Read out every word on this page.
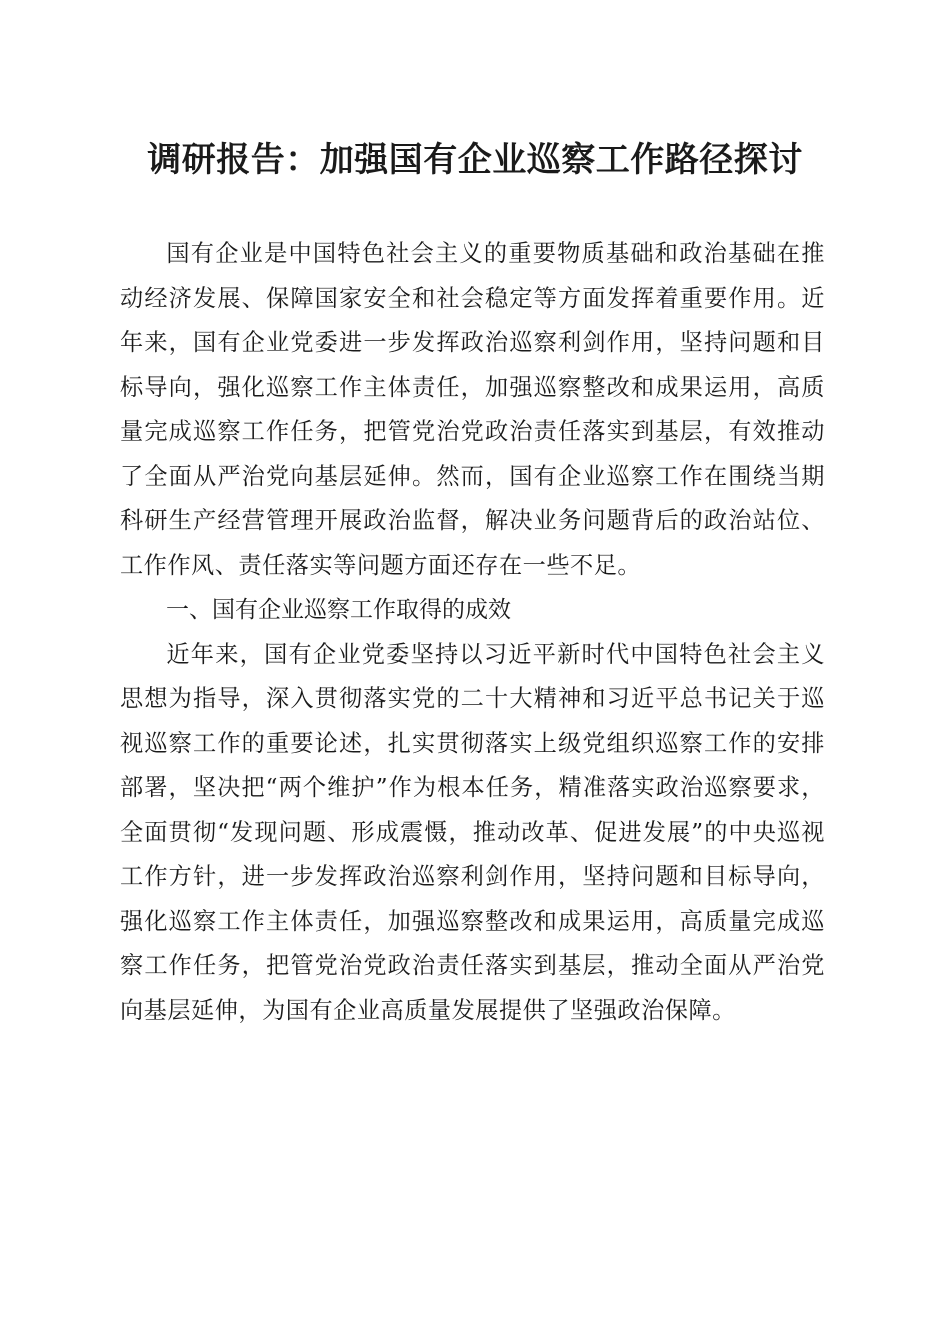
调研报告：加强国有企业巡察工作路径探讨

国有企业是中国特色社会主义的重要物质基础和政治基础在推动经济发展、保障国家安全和社会稳定等方面发挥着重要作用。近年来，国有企业党委进一步发挥政治巡察利剑作用，坚持问题和目标导向，强化巡察工作主体责任，加强巡察整改和成果运用，高质量完成巡察工作任务，把管党治党政治责任落实到基层，有效推动了全面从严治党向基层延伸。然而，国有企业巡察工作在围绕当期科研生产经营管理开展政治监督，解决业务问题背后的政治站位、工作作风、责任落实等问题方面还存在一些不足。

一、国有企业巡察工作取得的成效

近年来，国有企业党委坚持以习近平新时代中国特色社会主义思想为指导，深入贯彻落实党的二十大精神和习近平总书记关于巡视巡察工作的重要论述，扎实贯彻落实上级党组织巡察工作的安排部署，坚决把“两个维护”作为根本任务，精准落实政治巡察要求，全面贯彻“发现问题、形成震慑，推动改革、促进发展”的中央巡视工作方针，进一步发挥政治巡察利剑作用，坚持问题和目标导向，强化巡察工作主体责任，加强巡察整改和成果运用，高质量完成巡察工作任务，把管党治党政治责任落实到基层，推动全面从严治党向基层延伸，为国有企业高质量发展提供了坚强政治保障。
